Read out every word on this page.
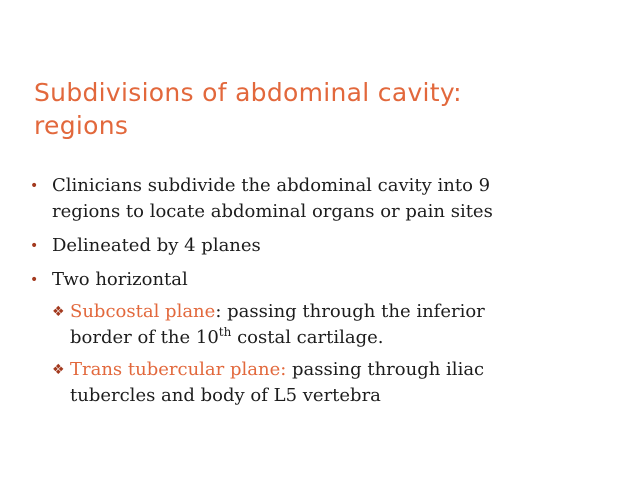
Subdivisions of abdominal cavity:
regions
• Clinicians subdivide the abdominal cavity into 9
regions to locate abdominal organs or pain sites
• Delineated by 4 planes
• Two horizontal
❖ Subcostal plane: passing through the inferior
border of the 10th costal cartilage.
❖ Trans tubercular plane: passing through iliac
tubercles and body of L5 vertebra
